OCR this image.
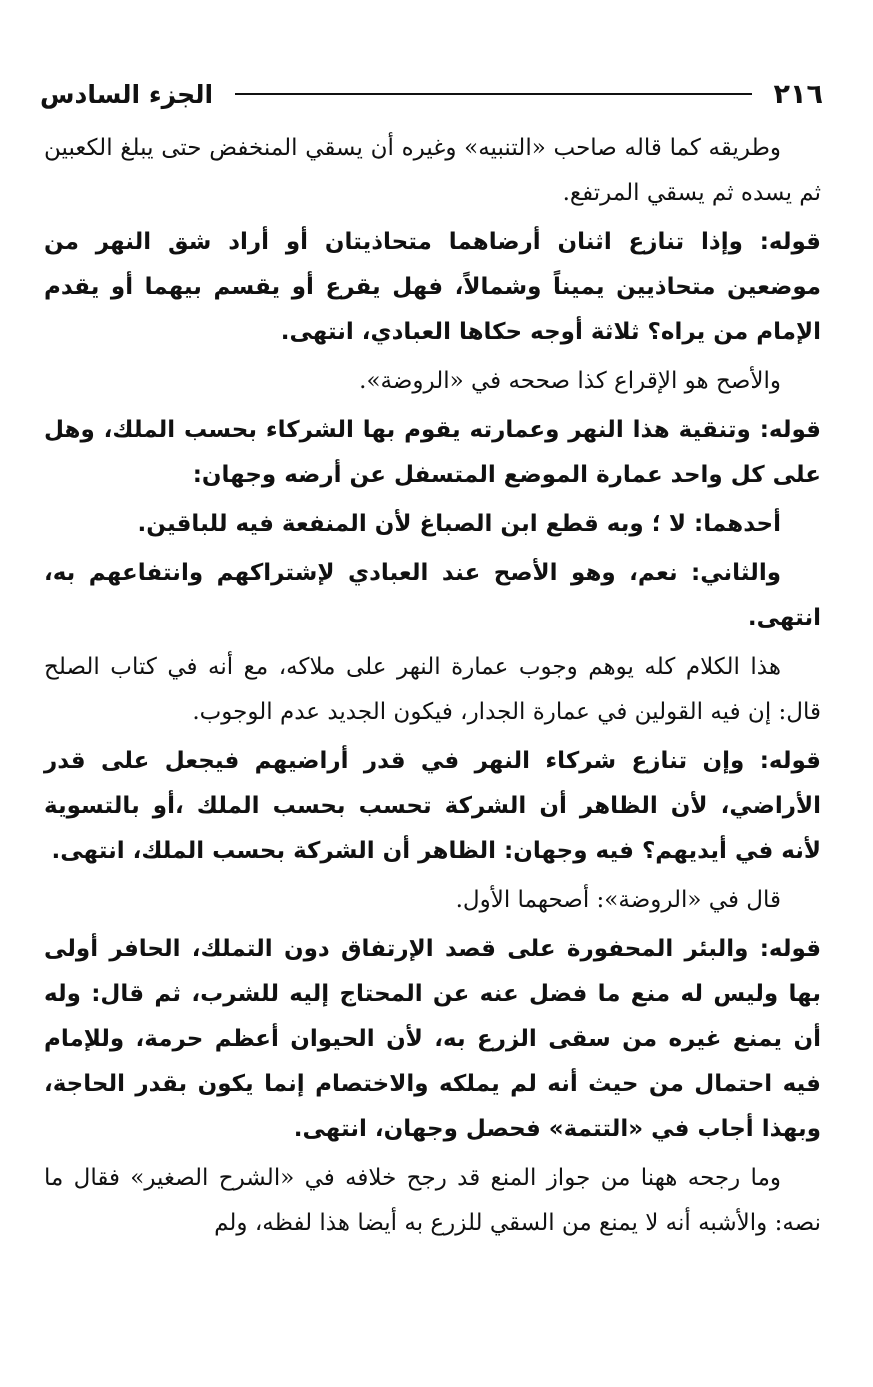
٢١٦
الجزء السادس

وطريقه كما قاله صاحب «التنبيه» وغيره أن يسقي المنخفض حتى يبلغ الكعبين ثم يسده ثم يسقي المرتفع.

قوله: وإذا تنازع اثنان أرضاهما متحاذيتان أو أراد شق النهر من موضعين متحاذيين يميناً وشمالاً، فهل يقرع أو يقسم بيهما أو يقدم الإمام من يراه؟ ثلاثة أوجه حكاها العبادي، انتهى.

والأصح هو الإقراع كذا صححه في «الروضة».

قوله: وتنقية هذا النهر وعمارته يقوم بها الشركاء بحسب الملك، وهل على كل واحد عمارة الموضع المتسفل عن أرضه وجهان:

أحدهما: لا ؛ وبه قطع ابن الصباغ لأن المنفعة فيه للباقين.

والثاني: نعم، وهو الأصح عند العبادي لإشتراكهم وانتفاعهم به، انتهى.

هذا الكلام كله يوهم وجوب عمارة النهر على ملاكه، مع أنه في كتاب الصلح قال: إن فيه القولين في عمارة الجدار، فيكون الجديد عدم الوجوب.

قوله: وإن تنازع شركاء النهر في قدر أراضيهم فيجعل على قدر الأراضي، لأن الظاهر أن الشركة تحسب بحسب الملك ،أو بالتسوية لأنه في أيديهم؟ فيه وجهان: الظاهر أن الشركة بحسب الملك، انتهى.

قال في «الروضة»: أصحهما الأول.

قوله: والبئر المحفورة على قصد الإرتفاق دون التملك، الحافر أولى بها وليس له منع ما فضل عنه عن المحتاج إليه للشرب، ثم قال: وله أن يمنع غيره من سقى الزرع به، لأن الحيوان أعظم حرمة، وللإمام فيه احتمال من حيث أنه لم يملكه والاختصام إنما يكون بقدر الحاجة، وبهذا أجاب في «التتمة» فحصل وجهان، انتهى.

وما رجحه ههنا من جواز المنع قد رجح خلافه في «الشرح الصغير» فقال ما نصه: والأشبه أنه لا يمنع من السقي للزرع به أيضا هذا لفظه، ولم
